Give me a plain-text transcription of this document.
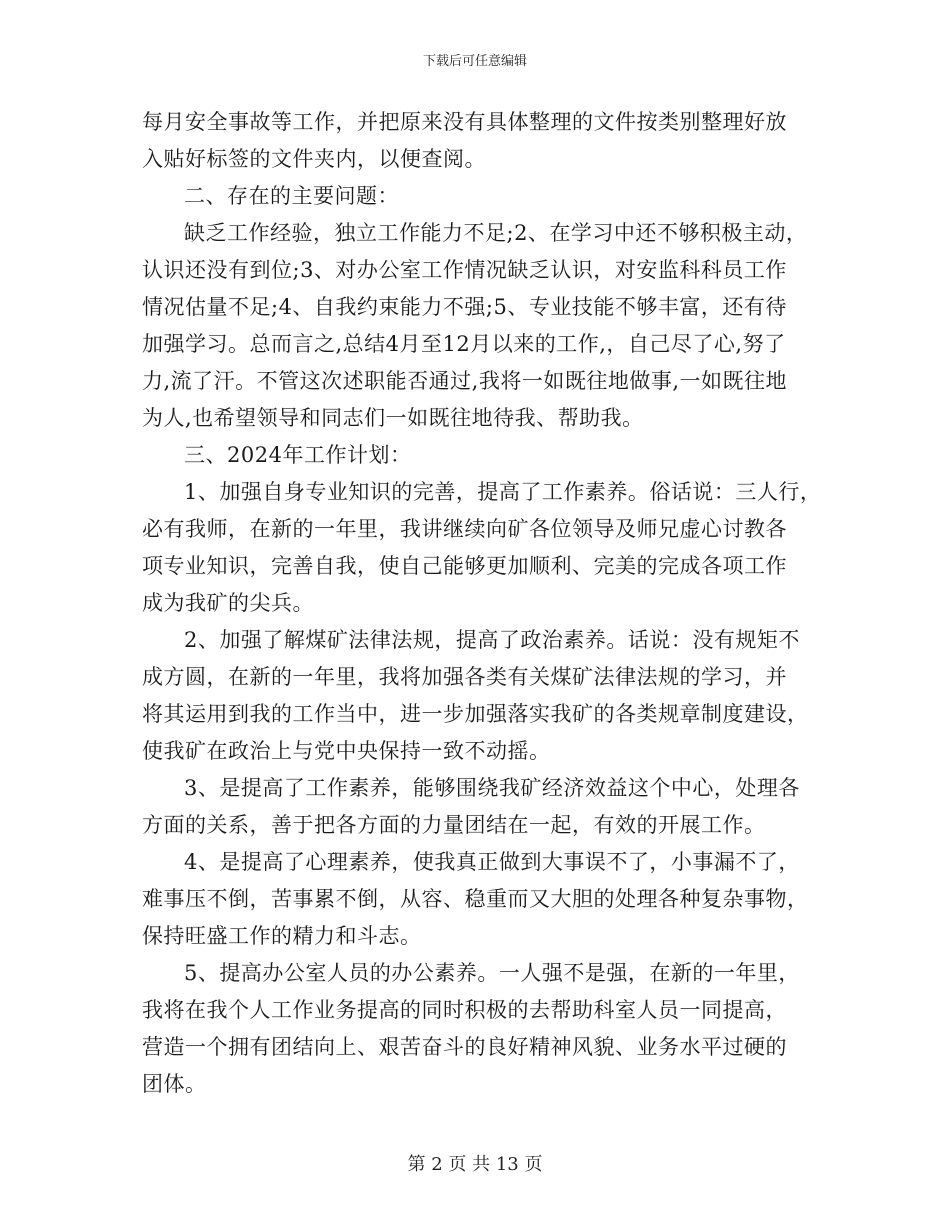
下载后可任意编辑

每月安全事故等工作，并把原来没有具体整理的文件按类别整理好放
入贴好标签的文件夹内，以便查阅。

二、存在的主要问题：

缺乏工作经验，独立工作能力不足;2、在学习中还不够积极主动，
认识还没有到位;3、对办公室工作情况缺乏认识，对安监科科员工作
情况估量不足;4、自我约束能力不强;5、专业技能不够丰富，还有待
加强学习。总而言之,总结4月至12月以来的工作,，自己尽了心,努了
力,流了汗。不管这次述职能否通过,我将一如既往地做事,一如既往地
为人,也希望领导和同志们一如既往地待我、帮助我。

三、2024年工作计划：

1、加强自身专业知识的完善，提高了工作素养。俗话说：三人行，
必有我师，在新的一年里，我讲继续向矿各位领导及师兄虚心讨教各
项专业知识，完善自我，使自己能够更加顺利、完美的完成各项工作
成为我矿的尖兵。

2、加强了解煤矿法律法规，提高了政治素养。话说：没有规矩不
成方圆，在新的一年里，我将加强各类有关煤矿法律法规的学习，并
将其运用到我的工作当中，进一步加强落实我矿的各类规章制度建设，
使我矿在政治上与党中央保持一致不动摇。

3、是提高了工作素养，能够围绕我矿经济效益这个中心，处理各
方面的关系，善于把各方面的力量团结在一起，有效的开展工作。

4、是提高了心理素养，使我真正做到大事误不了，小事漏不了，
难事压不倒，苦事累不倒，从容、稳重而又大胆的处理各种复杂事物，
保持旺盛工作的精力和斗志。

5、提高办公室人员的办公素养。一人强不是强，在新的一年里，
我将在我个人工作业务提高的同时积极的去帮助科室人员一同提高，
营造一个拥有团结向上、艰苦奋斗的良好精神风貌、业务水平过硬的
团体。

第 2 页 共 13 页
